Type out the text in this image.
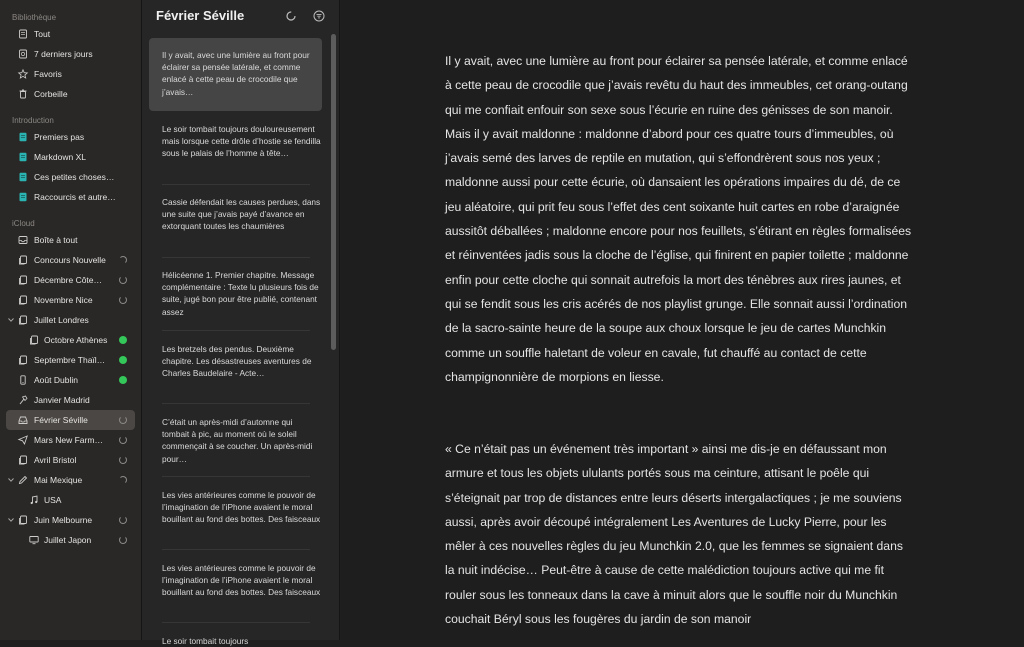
Bibliothèque
Tout
7 derniers jours
Favoris
Corbeille
Introduction
Premiers pas
Markdown XL
Ces petites choses…
Raccourcis et autre…
iCloud
Boîte à tout
Concours Nouvelle
Décembre Côte…
Novembre Nice
Juillet Londres
Octobre Athènes
Septembre Thaïl…
Août Dublin
Janvier Madrid
Février Séville
Mars New Farm…
Avril Bristol
Mai Mexique
USA
Juin Melbourne
Juillet Japon
Février Séville
Il y avait, avec une lumière au front pour éclairer sa pensée latérale, et comme enlacé à cette peau de crocodile que j’avais…
Le soir tombait toujours douloureusement mais lorsque cette drôle d’hostie se fendilla sous le palais de l’homme à tête…
Cassie défendait les causes perdues, dans une suite que j’avais payé d’avance en extorquant toutes les chaumières
Hélicéenne 1. Premier chapitre. Message complémentaire : Texte lu plusieurs fois de suite, jugé bon pour être publié, contenant assez
Les bretzels des pendus. Deuxième chapitre. Les désastreuses aventures de Charles Baudelaire - Acte…
C’était un après-midi d’automne qui tombait à pic, au moment où le soleil commençait à se coucher. Un après-midi pour…
Les vies antérieures comme le pouvoir de l’imagination de l’iPhone avaient le moral bouillant au fond des bottes. Des faisceaux
Les vies antérieures comme le pouvoir de l’imagination de l’iPhone avaient le moral bouillant au fond des bottes. Des faisceaux
Le soir tombait toujours

Il y avait, avec une lumière au front pour éclairer sa pensée latérale, et comme enlacé à cette peau de crocodile que j’avais revêtu du haut des immeubles, cet orang-outang qui me confiait enfouir son sexe sous l’écurie en ruine des génisses de son manoir. Mais il y avait maldonne : maldonne d’abord pour ces quatre tours d’immeubles, où j’avais semé des larves de reptile en mutation, qui s’effondrèrent sous nos yeux ; maldonne aussi pour cette écurie, où dansaient les opérations impaires du dé, de ce jeu aléatoire, qui prit feu sous l’effet des cent soixante huit cartes en robe d’araignée aussitôt déballées ; maldonne encore pour nos feuillets, s’étirant en règles formalisées et réinventées jadis sous la cloche de l’église, qui finirent en papier toilette ; maldonne enfin pour cette cloche qui sonnait autrefois la mort des ténèbres aux rires jaunes, et qui se fendit sous les cris acérés de nos playlist grunge. Elle sonnait aussi l’ordination de la sacro-sainte heure de la soupe aux choux lorsque le jeu de cartes Munchkin comme un souffle haletant de voleur en cavale, fut chauffé au contact de cette champignonnière de morpions en liesse.

« Ce n’était pas un événement très important » ainsi me dis-je en défaussant mon armure et tous les objets ululants portés sous ma ceinture, attisant le poêle qui s’éteignait par trop de distances entre leurs déserts intergalactiques ; je me souviens aussi, après avoir découpé intégralement Les Aventures de Lucky Pierre, pour les mêler à ces nouvelles règles du jeu Munchkin 2.0, que les femmes se signaient dans la nuit indécise… Peut-être à cause de cette malédiction toujours active qui me fit rouler sous les tonneaux dans la cave à minuit alors que le souffle noir du Munchkin couchait Béryl sous les fougères du jardin de son manoir
